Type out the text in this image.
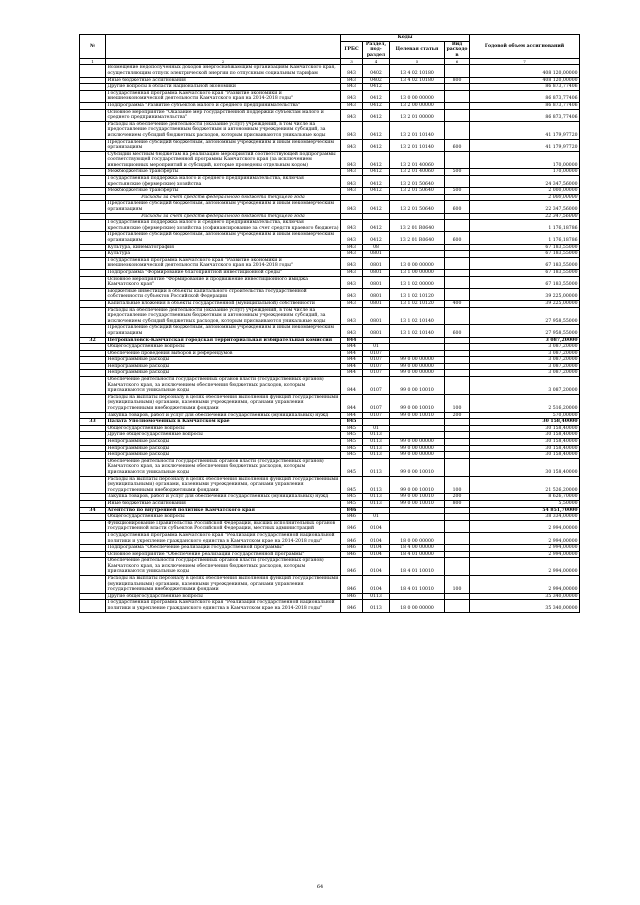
№		Коды				Годовой объем ассигнований
		ГРБС	Раздел, под-раздел	Целевая статья	Вид расходов	
1	2	3	4	5	6	7
	Возмещение недополученных доходов энергоснабжающим организациям Камчатского края, осуществляющим отпуск электрической энергии по отпускным социальным тарифам	843	0402	13 4 02 10180		408 120,00000
	Иные бюджетные ассигнования	843	0402	13 4 02 10180	800	408 120,00000
	Другие вопросы в области национальной экономики	843	0412			86 873,77406
	Государственная программа Камчатского края "Развитие экономики и внешнеэкономической деятельности Камчатского края на 2014-2018 годы"	843	0412	13 0 00 00000		86 873,77406
	Подпрограмма "Развитие субъектов малого и среднего предпринимательства"	843	0412	13 2 00 00000		86 873,77406
	Основное мероприятие "Оказание мер государственной поддержки субъектам малого и среднего предпринимательства"	843	0412	13 2 01 00000		86 873,77406
	Расходы на обеспечение деятельности (оказание услуг) учреждений, в том числе на предоставление государственным бюджетным и автономным учреждениям субсидий, за исключением субсидий бюджетных расходов, которым присваиваются уникальные коды	843	0412	13 2 01 10140		41 179,97720
	Предоставление субсидий бюджетным, автономным учреждениям и иным некоммерческим организациям	843	0412	13 2 01 10140	600	41 179,97720
	Субсидии местным бюджетам на реализацию мероприятий соответствующей подпрограммы соответствующей государственной программы Камчатского края (за исключением инвестиционных мероприятий и субсидий, которые проведены отдельным кодом)	843	0412	13 2 01 40060		170,00000
	Межбюджетные трансферты	843	0412	13 2 01 40060	500	170,00000
	Государственная поддержка малого и среднего предпринимательства, включая крестьянские (фермерские) хозяйства	843	0412	13 2 01 50640		24 347,56000
	Межбюджетные трансферты	843	0412	13 2 01 50640	500	2 000,00000
	Расходы за счет средств федерального бюджета текущего года					2 000,00000
	Предоставление субсидий бюджетным, автономным учреждениям и иным некоммерческим организациям	843	0412	13 2 01 50640	600	22 347,56000
	Расходы за счет средств федерального бюджета текущего года					22 347,56000
	Государственная поддержка малого и среднего предпринимательства, включая крестьянские (фермерские) хозяйства (софинансирование за счет средств краевого бюджета)	843	0412	13 2 01 R0640		1 176,18786
	Предоставление субсидий бюджетным, автономным учреждениям и иным некоммерческим организациям	843	0412	13 2 01 R0640	600	1 176,18786
	Культура, кинематография	843	08			67 183,55000
	Культура	843	0801			67 183,55000
	Государственная программа Камчатского края "Развитие экономики и внешнеэкономической деятельности Камчатского края на 2014-2018 годы"	843	0801	13 0 00 00000		67 183,55000
	Подпрограмма "Формирование благоприятной инвестиционной среды"	843	0801	13 1 00 00000		67 183,55000
	Основное мероприятие "Формирование и продвижение инвестиционного имиджа Камчатского края"	843	0801	13 1 02 00000		67 183,55000
	Бюджетные инвестиции в объекты капитального строительства государственной собственности субъектов Российской Федерации	843	0801	13 1 02 10120		39 225,00000
	Капитальные вложения в объекты государственной (муниципальной) собственности	843	0801	13 1 02 10120	400	39 225,00000
	Расходы на обеспечение деятельности (оказание услуг) учреждений, в том числе на предоставление государственным бюджетным и автономным учреждениям субсидий, за исключением субсидий бюджетных расходов, которым присваиваются уникальные коды	843	0801	13 1 02 10140		27 958,55000
	Предоставление субсидий бюджетным, автономным учреждениям и иным некоммерческим организациям	843	0801	13 1 02 10140	600	27 958,55000
32	Петропавловск-Камчатская городская территориальная избирательная комиссия	844				3 087,20000
	Общегосударственные вопросы	844	01			3 087,20000
	Обеспечение проведения выборов и референдумов	844	0107			3 087,20000
	Непрограммные расходы	844	0107	99 0 00 00000		3 087,20000
	Непрограммные расходы	844	0107	99 0 00 00000		3 087,20000
	Непрограммные расходы	844	0107	99 0 00 00000		3 087,20000
	Обеспечение деятельности государственных органов власти (государственных органов) Камчатского края, за исключением обеспечения бюджетных расходов, которым присваиваются уникальные коды	844	0107	99 0 00 10010		3 087,20000
	Расходы на выплаты персоналу в целях обеспечения выполнения функций государственными (муниципальными) органами, казенными учреждениями, органами управления государственными внебюджетными фондами	844	0107	99 0 00 10010	100	2 516,20000
	Закупка товаров, работ и услуг для обеспечения государственных (муниципальных) нужд	844	0107	99 0 00 10010	200	570,00000
33	Палата Уполномоченных в Камчатском крае	845				30 158,40000
	Общегосударственные вопросы	845	01			30 158,40000
	Другие общегосударственные вопросы	845	0113			30 158,40000
	Непрограммные расходы	845	0113	99 0 00 00000		30 158,40000
	Непрограммные расходы	845	0113	99 0 00 00000		30 158,40000
	Непрограммные расходы	845	0113	99 0 00 00000		30 158,40000
	Обеспечение деятельности государственных органов власти (государственных органов) Камчатского края, за исключением обеспечения бюджетных расходов, которым присваиваются уникальные коды	845	0113	99 0 00 10010		30 158,40000
	Расходы на выплаты персоналу в целях обеспечения выполнения функций государственными (муниципальными) органами, казенными учреждениями, органами управления государственными внебюджетными фондами	845	0113	99 0 00 10010	100	21 526,20000
	Закупка товаров, работ и услуг для обеспечения государственных (муниципальных) нужд	845	0113	99 0 00 10010	200	8 626,70000
	Иные бюджетные ассигнования	845	0113	99 0 00 10010	800	5,50000
34	Агентство по внутренней политике Камчатского края	846				54 851,70000
	Общегосударственные вопросы	846	01			38 334,00000
	Функционирование Правительства Российской Федерации, высших исполнительных органов государственной власти субъектов Российской Федерации, местных администраций	846	0104			2 994,00000
	Государственная программа Камчатского края "Реализация государственной национальной политики и укрепление гражданского единства в Камчатском крае на 2014-2018 годы"	846	0104	18 0 00 00000		2 994,00000
	Подпрограмма "Обеспечение реализации государственной программы"	846	0104	18 4 00 00000		2 994,00000
	Основное мероприятие "Обеспечение реализации государственной программы"	846	0104	18 4 01 00000		2 994,00000
	Обеспечение деятельности государственных органов власти (государственных органов) Камчатского края, за исключением обеспечения бюджетных расходов, которым присваиваются уникальные коды	846	0104	18 4 01 10010		2 994,00000
	Расходы на выплаты персоналу в целях обеспечения выполнения функций государственными (муниципальными) органами, казенными учреждениями, органами управления государственными внебюджетными фондами	846	0104	18 4 01 10010	100	2 994,00000
	Другие общегосударственные вопросы	846	0113			35 340,00000
	Государственная программа Камчатского края "Реализация государственной национальной политики и укрепление гражданского единства в Камчатском крае на 2014-2018 годы"	846	0113	18 0 00 00000		35 340,00000
64
